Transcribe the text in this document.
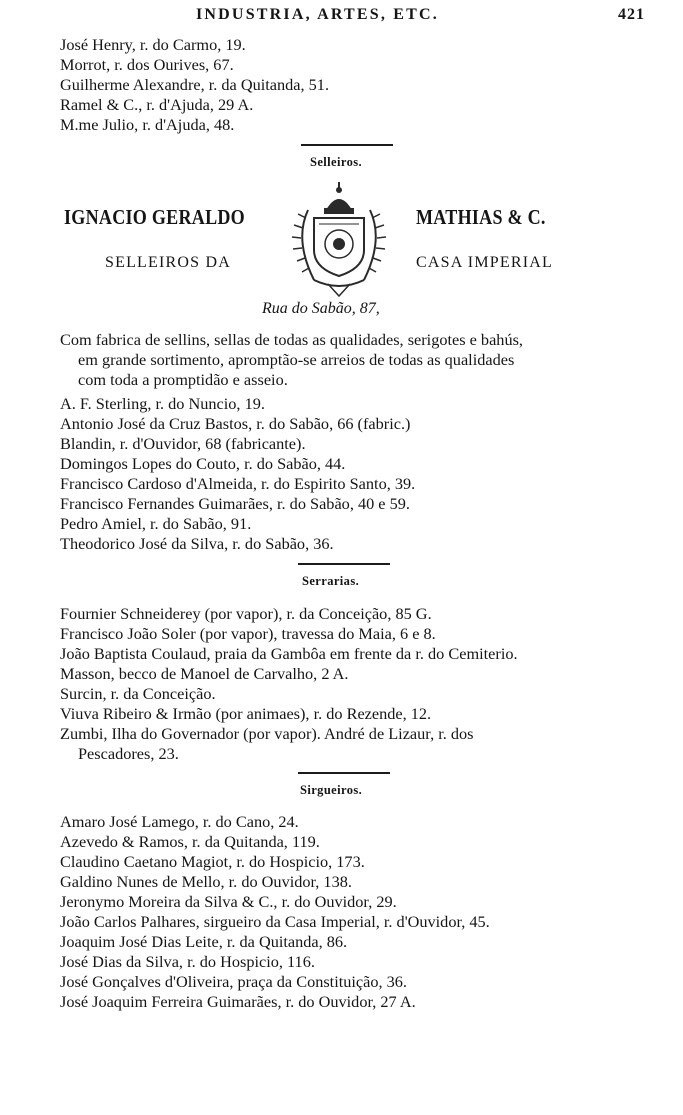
INDUSTRIA, ARTES, ETC.	421
José Henry, r. do Carmo, 19.
Morrot, r. dos Ourives, 67.
Guilherme Alexandre, r. da Quitanda, 51.
Ramel & C., r. d'Ajuda, 29 A.
M.me Julio, r. d'Ajuda, 48.
Selleiros.
IGNACIO GERALDO	MATHIAS & C.
SELLEIROS DA	CASA IMPERIAL
Rua do Sabão, 87,
Com fabrica de sellins, sellas de todas as qualidades, serigotes e bahús,
em grande sortimento, apromptão-se arreios de todas as qualidades
com toda a promptidão e asseio.
A. F. Sterling, r. do Nuncio, 19.
Antonio José da Cruz Bastos, r. do Sabão, 66 (fabric.)
Blandin, r. d'Ouvidor, 68 (fabricante).
Domingos Lopes do Couto, r. do Sabão, 44.
Francisco Cardoso d'Almeida, r. do Espirito Santo, 39.
Francisco Fernandes Guimarães, r. do Sabão, 40 e 59.
Pedro Amiel, r. do Sabão, 91.
Theodorico José da Silva, r. do Sabão, 36.
Serrarias.
Fournier Schneiderey (por vapor), r. da Conceição, 85 G.
Francisco João Soler (por vapor), travessa do Maia, 6 e 8.
João Baptista Coulaud, praia da Gambôa em frente da r. do Cemiterio.
Masson, becco de Manoel de Carvalho, 2 A.
Surcin, r. da Conceição.
Viuva Ribeiro & Irmão (por animaes), r. do Rezende, 12.
Zumbi, Ilha do Governador (por vapor). André de Lizaur, r. dos
Pescadores, 23.
Sirgueiros.
Amaro José Lamego, r. do Cano, 24.
Azevedo & Ramos, r. da Quitanda, 119.
Claudino Caetano Magiot, r. do Hospicio, 173.
Galdino Nunes de Mello, r. do Ouvidor, 138.
Jeronymo Moreira da Silva & C., r. do Ouvidor, 29.
João Carlos Palhares, sirgueiro da Casa Imperial, r. d'Ouvidor, 45.
Joaquim José Dias Leite, r. da Quitanda, 86.
José Dias da Silva, r. do Hospicio, 116.
José Gonçalves d'Oliveira, praça da Constituição, 36.
José Joaquim Ferreira Guimarães, r. do Ouvidor, 27 A.
